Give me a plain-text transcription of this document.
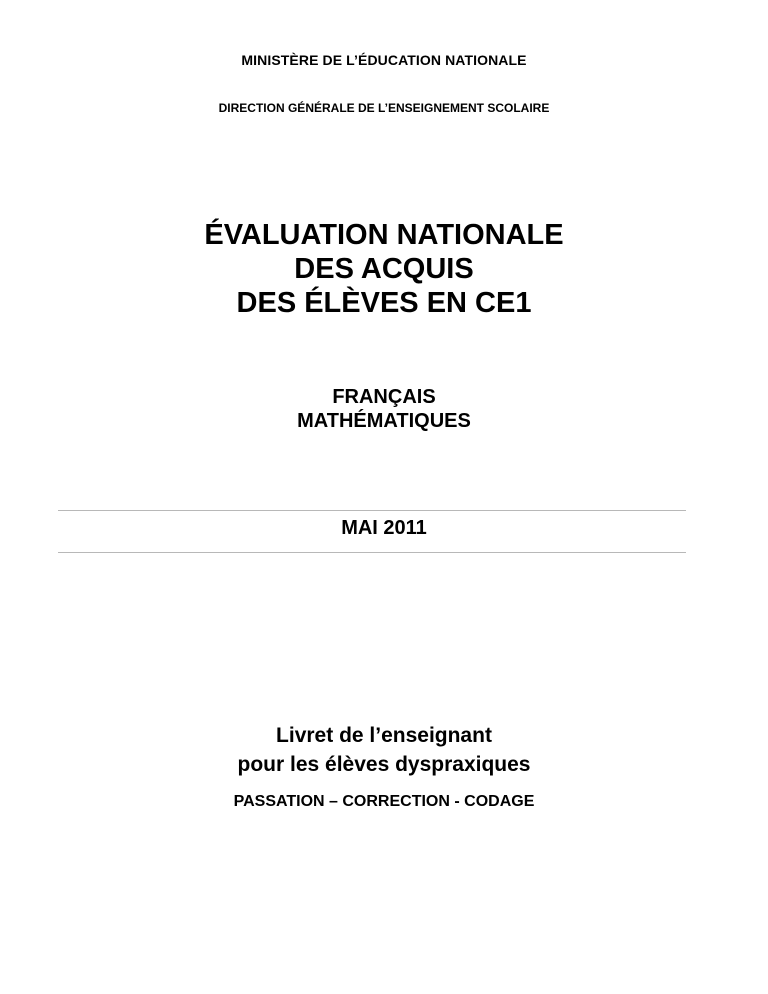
MINISTÈRE DE L’ÉDUCATION NATIONALE

DIRECTION GÉNÉRALE DE L’ENSEIGNEMENT SCOLAIRE

ÉVALUATION NATIONALE
DES ACQUIS
DES ÉLÈVES EN CE1
FRANÇAIS
MATHÉMATIQUES

MAI 2011

Livret de l’enseignant
pour les élèves dyspraxiques

PASSATION – CORRECTION - CODAGE
